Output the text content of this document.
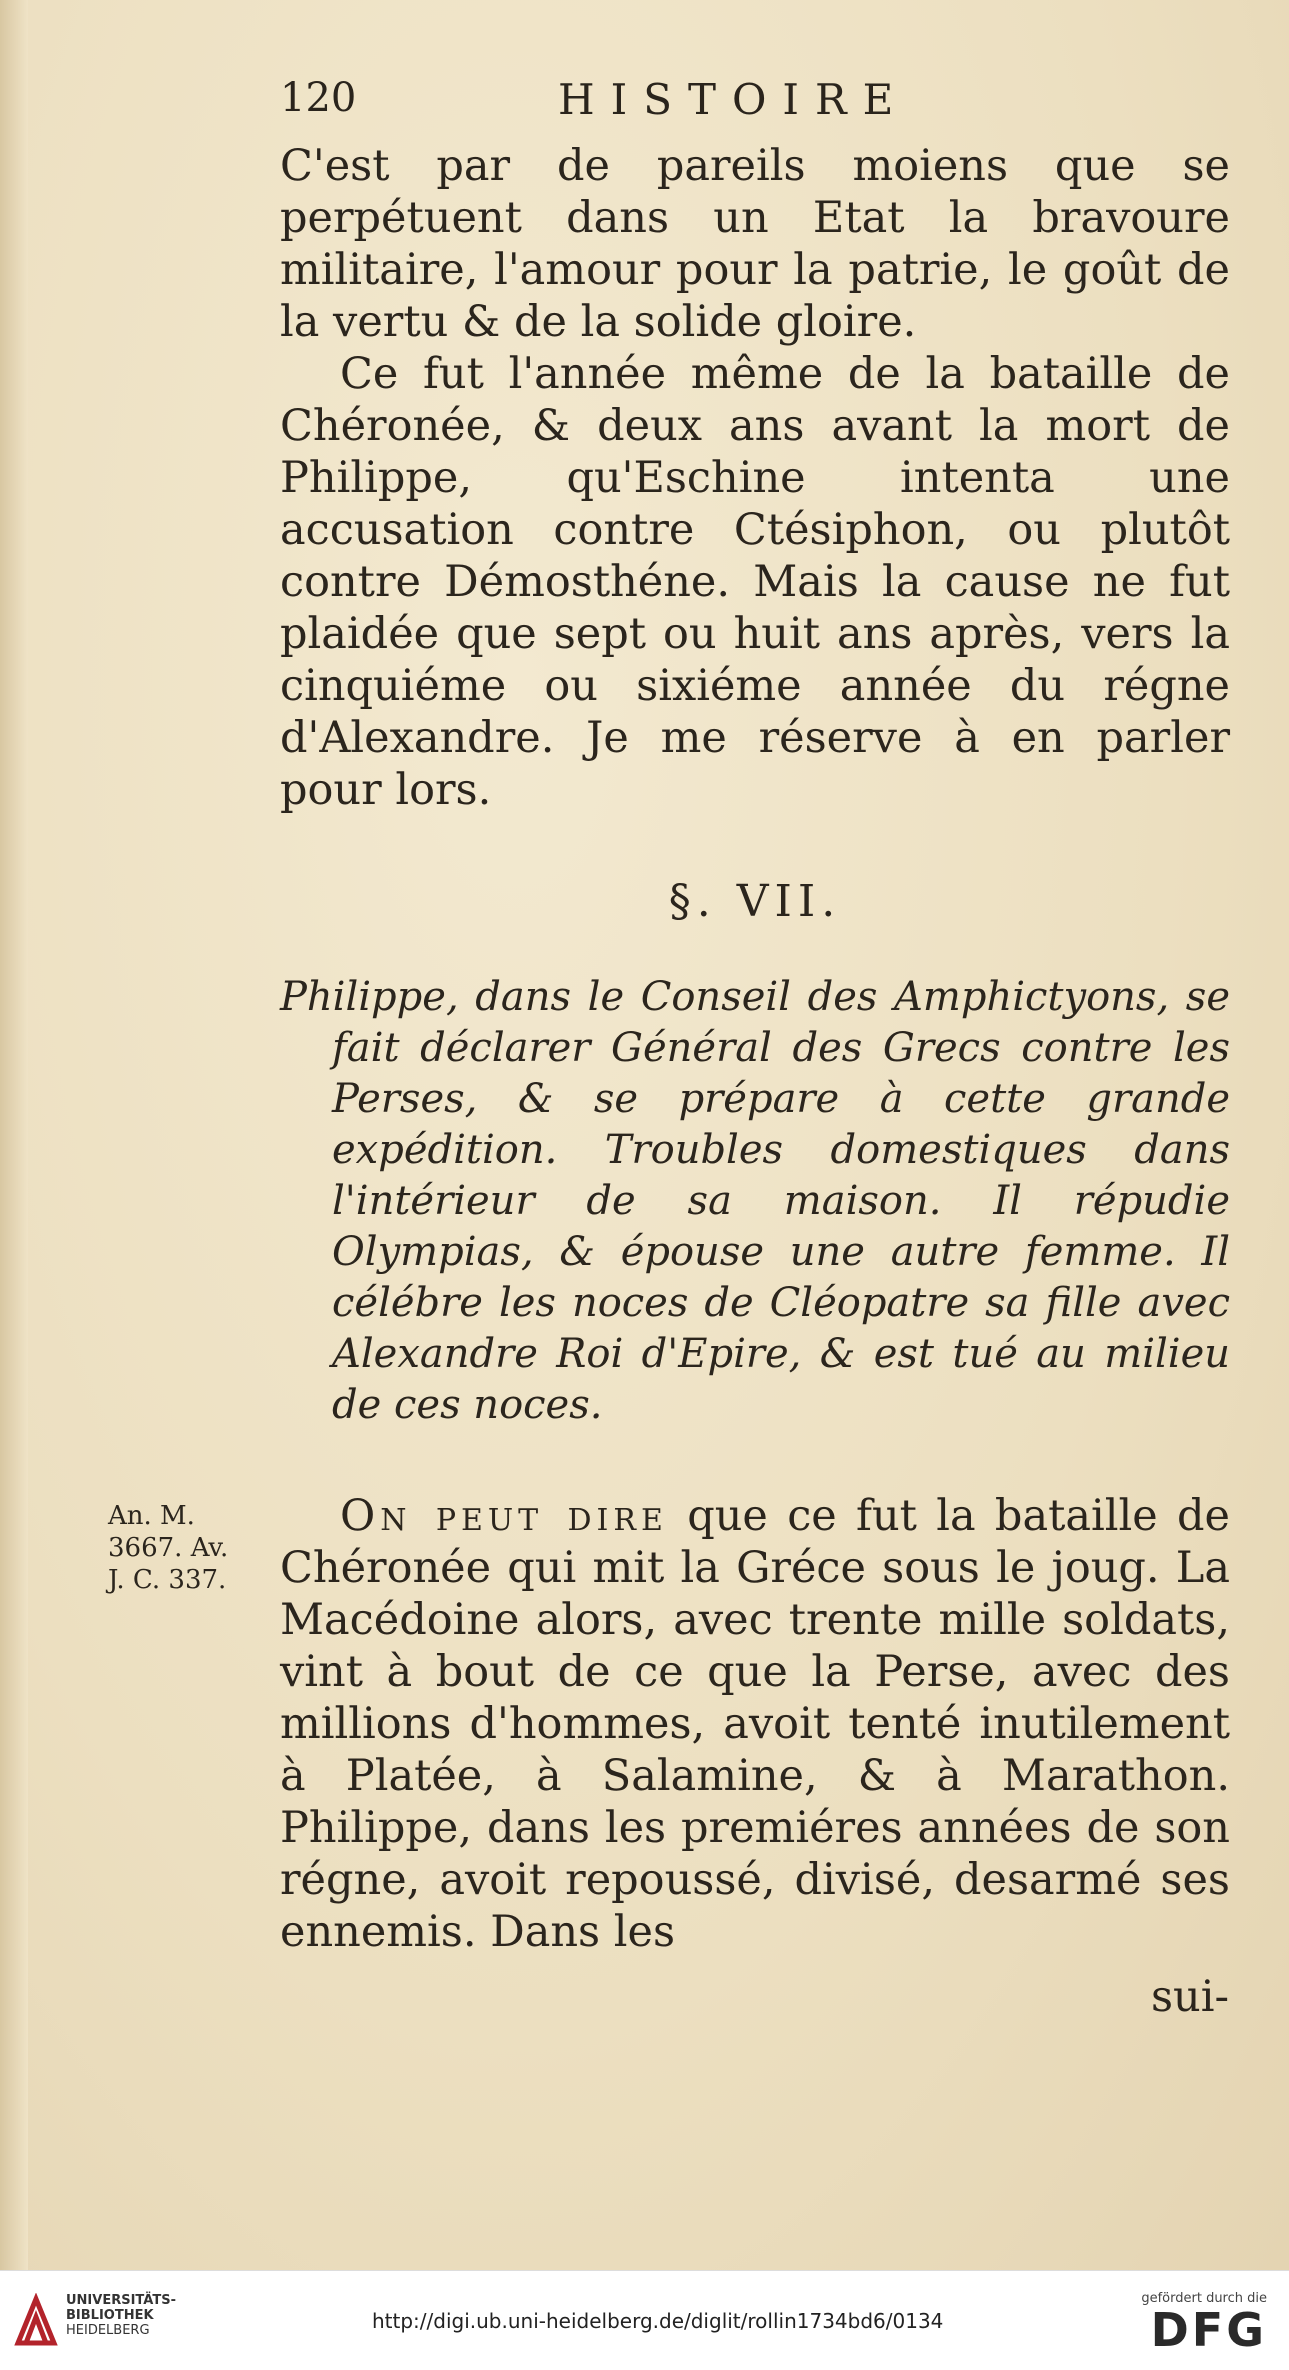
120	HISTOIRE

C'est par de pareils moiens que se perpétuent dans un Etat la bravoure militaire, l'amour pour la patrie, le goût de la vertu & de la solide gloire.

Ce fut l'année même de la bataille de Chéronée, & deux ans avant la mort de Philippe, qu'Eschine intenta une accusation contre Ctésiphon, ou plutôt contre Démosthéne. Mais la cause ne fut plaidée que sept ou huit ans après, vers la cinquiéme ou sixiéme année du régne d'Alexandre. Je me réserve à en parler pour lors.

§. VII.
Philippe, dans le Conseil des Amphictyons, se fait déclarer Général des Grecs contre les Perses, & se prépare à cette grande expédition. Troubles domestiques dans l'intérieur de sa maison. Il répudie Olympias, & épouse une autre femme. Il célébre les noces de Cléopatre sa fille avec Alexandre Roi d'Epire, & est tué au milieu de ces noces.
An. M.
3667. Av.
J. C. 337.

On peut dire que ce fut la bataille de Chéronée qui mit la Gréce sous le joug. La Macédoine alors, avec trente mille soldats, vint à bout de ce que la Perse, avec des millions d'hommes, avoit tenté inutilement à Platée, à Salamine, & à Marathon. Philippe, dans les premiéres années de son régne, avoit repoussé, divisé, desarmé ses ennemis. Dans les

sui-
UNIVERSITÄTS-
BIBLIOTHEK
HEIDELBERG	http://digi.ub.uni-heidelberg.de/diglit/rollin1734bd6/0134
gefördert durch die
DFG
